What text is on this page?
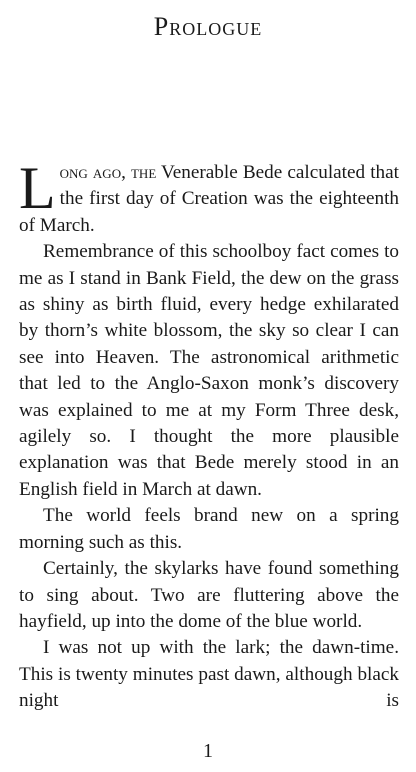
Prologue

Long ago, the Venerable Bede calculated that the first day of Creation was the eighteenth of March.

Remembrance of this schoolboy fact comes to me as I stand in Bank Field, the dew on the grass as shiny as birth fluid, every hedge exhilarated by thorn’s white blossom, the sky so clear I can see into Heaven. The astronomical arithmetic that led to the Anglo-Saxon monk’s discovery was explained to me at my Form Three desk, agilely so. I thought the more plausible explanation was that Bede merely stood in an English field in March at dawn.

The world feels brand new on a spring morning such as this.

Certainly, the skylarks have found something to sing about. Two are fluttering above the hayfield, up into the dome of the blue world.

I was not up with the lark; the dawn-time. This is twenty minutes past dawn, although black night is

1
